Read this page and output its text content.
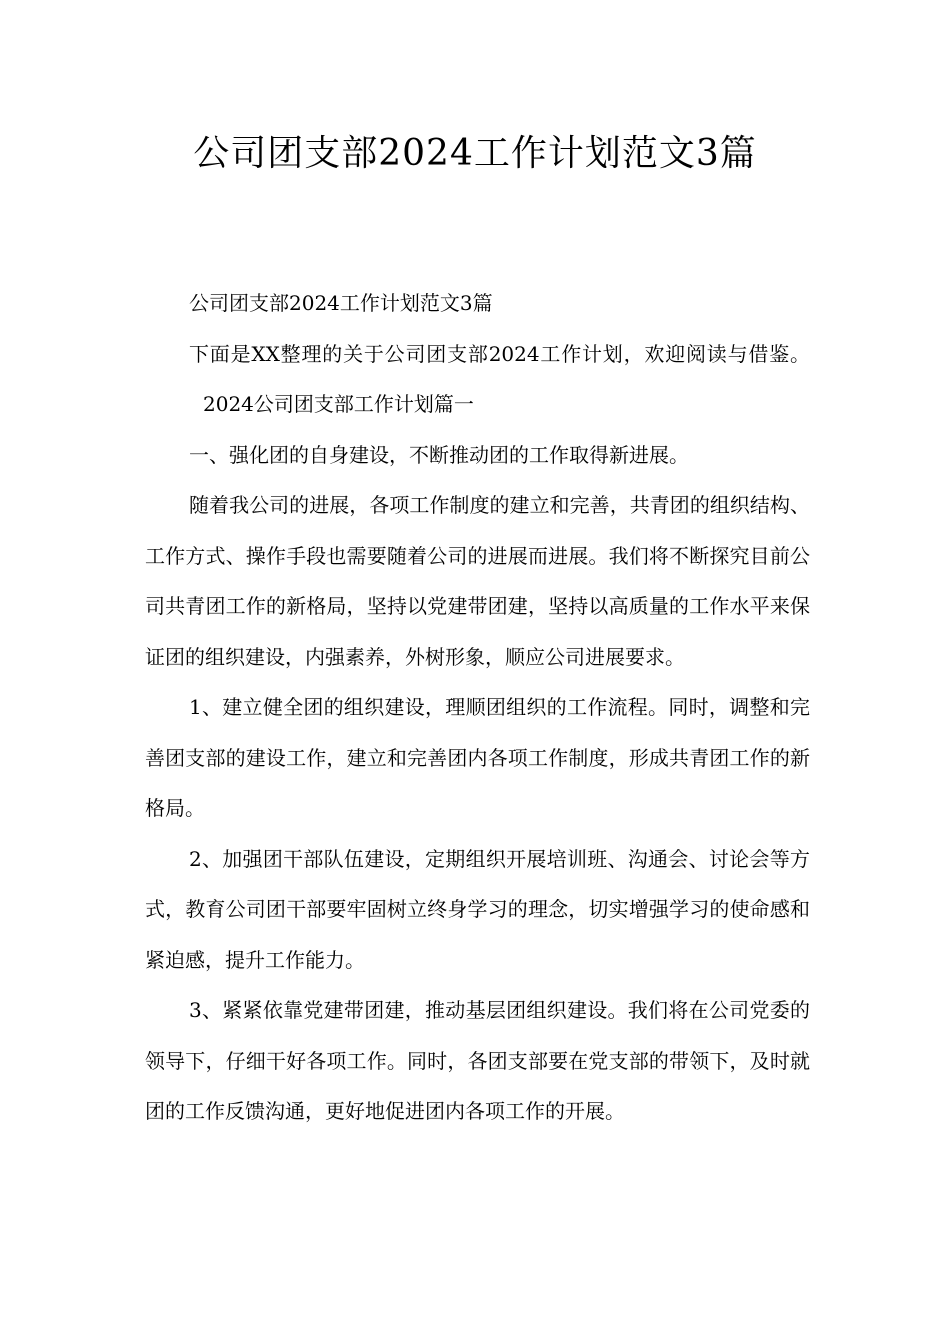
公司团支部2024工作计划范文3篇

公司团支部2024工作计划范文3篇

下面是XX整理的关于公司团支部2024工作计划，欢迎阅读与借鉴。2024公司团支部工作计划篇一

一、强化团的自身建设，不断推动团的工作取得新进展。

随着我公司的进展，各项工作制度的建立和完善，共青团的组织结构、工作方式、操作手段也需要随着公司的进展而进展。我们将不断探究目前公司共青团工作的新格局，坚持以党建带团建，坚持以高质量的工作水平来保证团的组织建设，内强素养，外树形象，顺应公司进展要求。

1、建立健全团的组织建设，理顺团组织的工作流程。同时，调整和完善团支部的建设工作，建立和完善团内各项工作制度，形成共青团工作的新格局。

2、加强团干部队伍建设，定期组织开展培训班、沟通会、讨论会等方式，教育公司团干部要牢固树立终身学习的理念，切实增强学习的使命感和紧迫感，提升工作能力。

3、紧紧依靠党建带团建，推动基层团组织建设。我们将在公司党委的领导下，仔细干好各项工作。同时，各团支部要在党支部的带领下，及时就团的工作反馈沟通，更好地促进团内各项工作的开展。
